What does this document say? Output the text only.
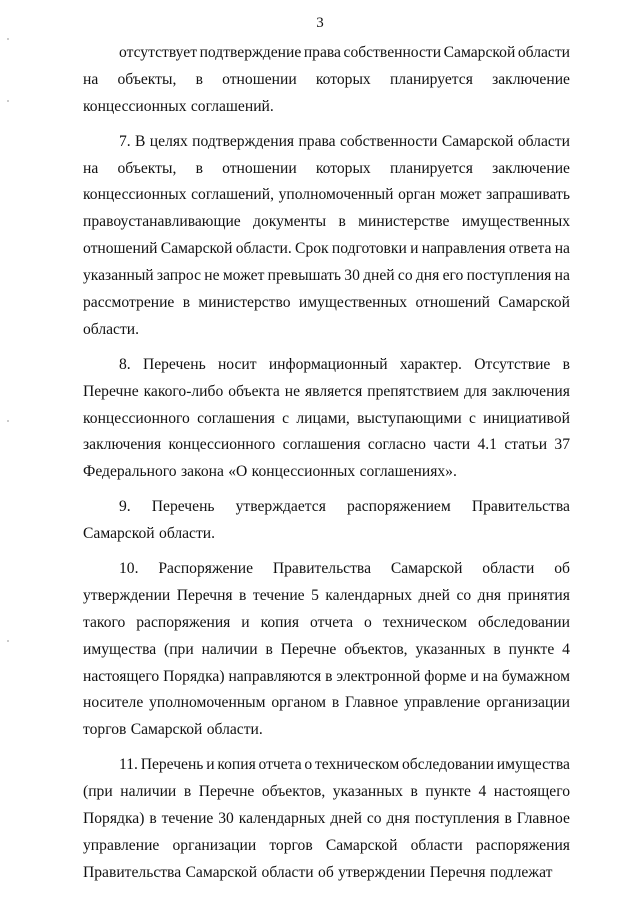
3
отсутствует подтверждение права собственности Самарской области
на объекты, в отношении которых планируется заключение
концессионных соглашений.
7. В целях подтверждения права собственности Самарской области
на объекты, в отношении которых планируется заключение
концессионных соглашений, уполномоченный орган может запрашивать
правоустанавливающие документы в министерстве имущественных
отношений Самарской области. Срок подготовки и направления ответа на
указанный запрос не может превышать 30 дней со дня его поступления на
рассмотрение в министерство имущественных отношений Самарской
области.
8. Перечень носит информационный характер. Отсутствие в
Перечне какого-либо объекта не является препятствием для заключения
концессионного соглашения с лицами, выступающими с инициативой
заключения концессионного соглашения согласно части 4.1 статьи 37
Федерального закона «О концессионных соглашениях».
9. Перечень утверждается распоряжением Правительства
Самарской области.
10. Распоряжение Правительства Самарской области об
утверждении Перечня в течение 5 календарных дней со дня принятия
такого распоряжения и копия отчета о техническом обследовании
имущества (при наличии в Перечне объектов, указанных в пункте 4
настоящего Порядка) направляются в электронной форме и на бумажном
носителе уполномоченным органом в Главное управление организации
торгов Самарской области.
11. Перечень и копия отчета о техническом обследовании имущества
(при наличии в Перечне объектов, указанных в пункте 4 настоящего
Порядка) в течение 30 календарных дней со дня поступления в Главное
управление организации торгов Самарской области распоряжения
Правительства Самарской области об утверждении Перечня подлежат
